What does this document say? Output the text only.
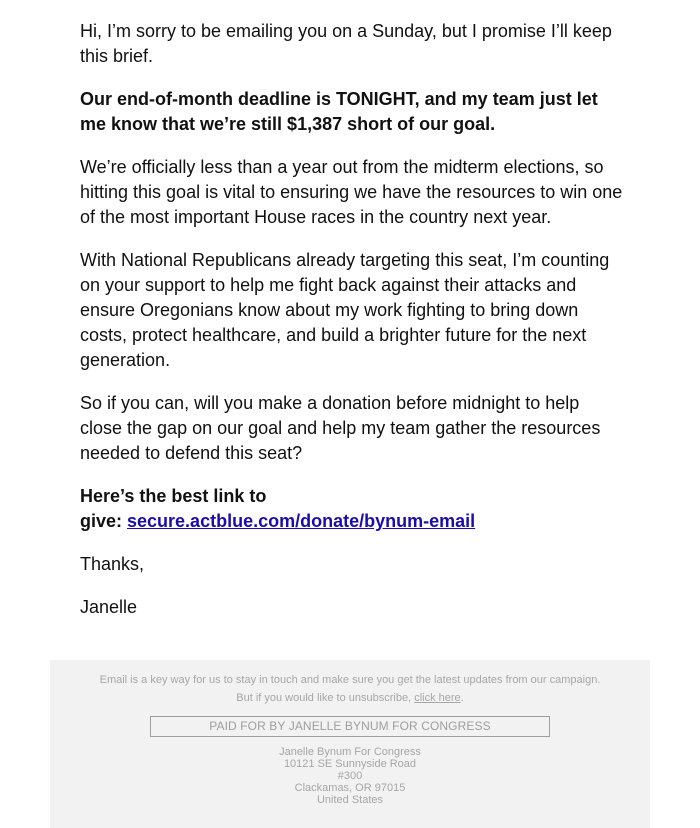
Hi, I’m sorry to be emailing you on a Sunday, but I promise I’ll keep this brief.

Our end-of-month deadline is TONIGHT, and my team just let me know that we’re still $1,387 short of our goal.

We’re officially less than a year out from the midterm elections, so hitting this goal is vital to ensuring we have the resources to win one of the most important House races in the country next year.

With National Republicans already targeting this seat, I’m counting on your support to help me fight back against their attacks and ensure Oregonians know about my work fighting to bring down costs, protect healthcare, and build a brighter future for the next generation.

So if you can, will you make a donation before midnight to help close the gap on our goal and help my team gather the resources needed to defend this seat?

Here’s the best link to
give: secure.actblue.com/donate/bynum-email

Thanks,

Janelle

Email is a key way for us to stay in touch and make sure you get the latest updates from our campaign.
But if you would like to unsubscribe, click here.
PAID FOR BY JANELLE BYNUM FOR CONGRESS
Janelle Bynum For Congress
10121 SE Sunnyside Road
#300
Clackamas, OR 97015
United States
